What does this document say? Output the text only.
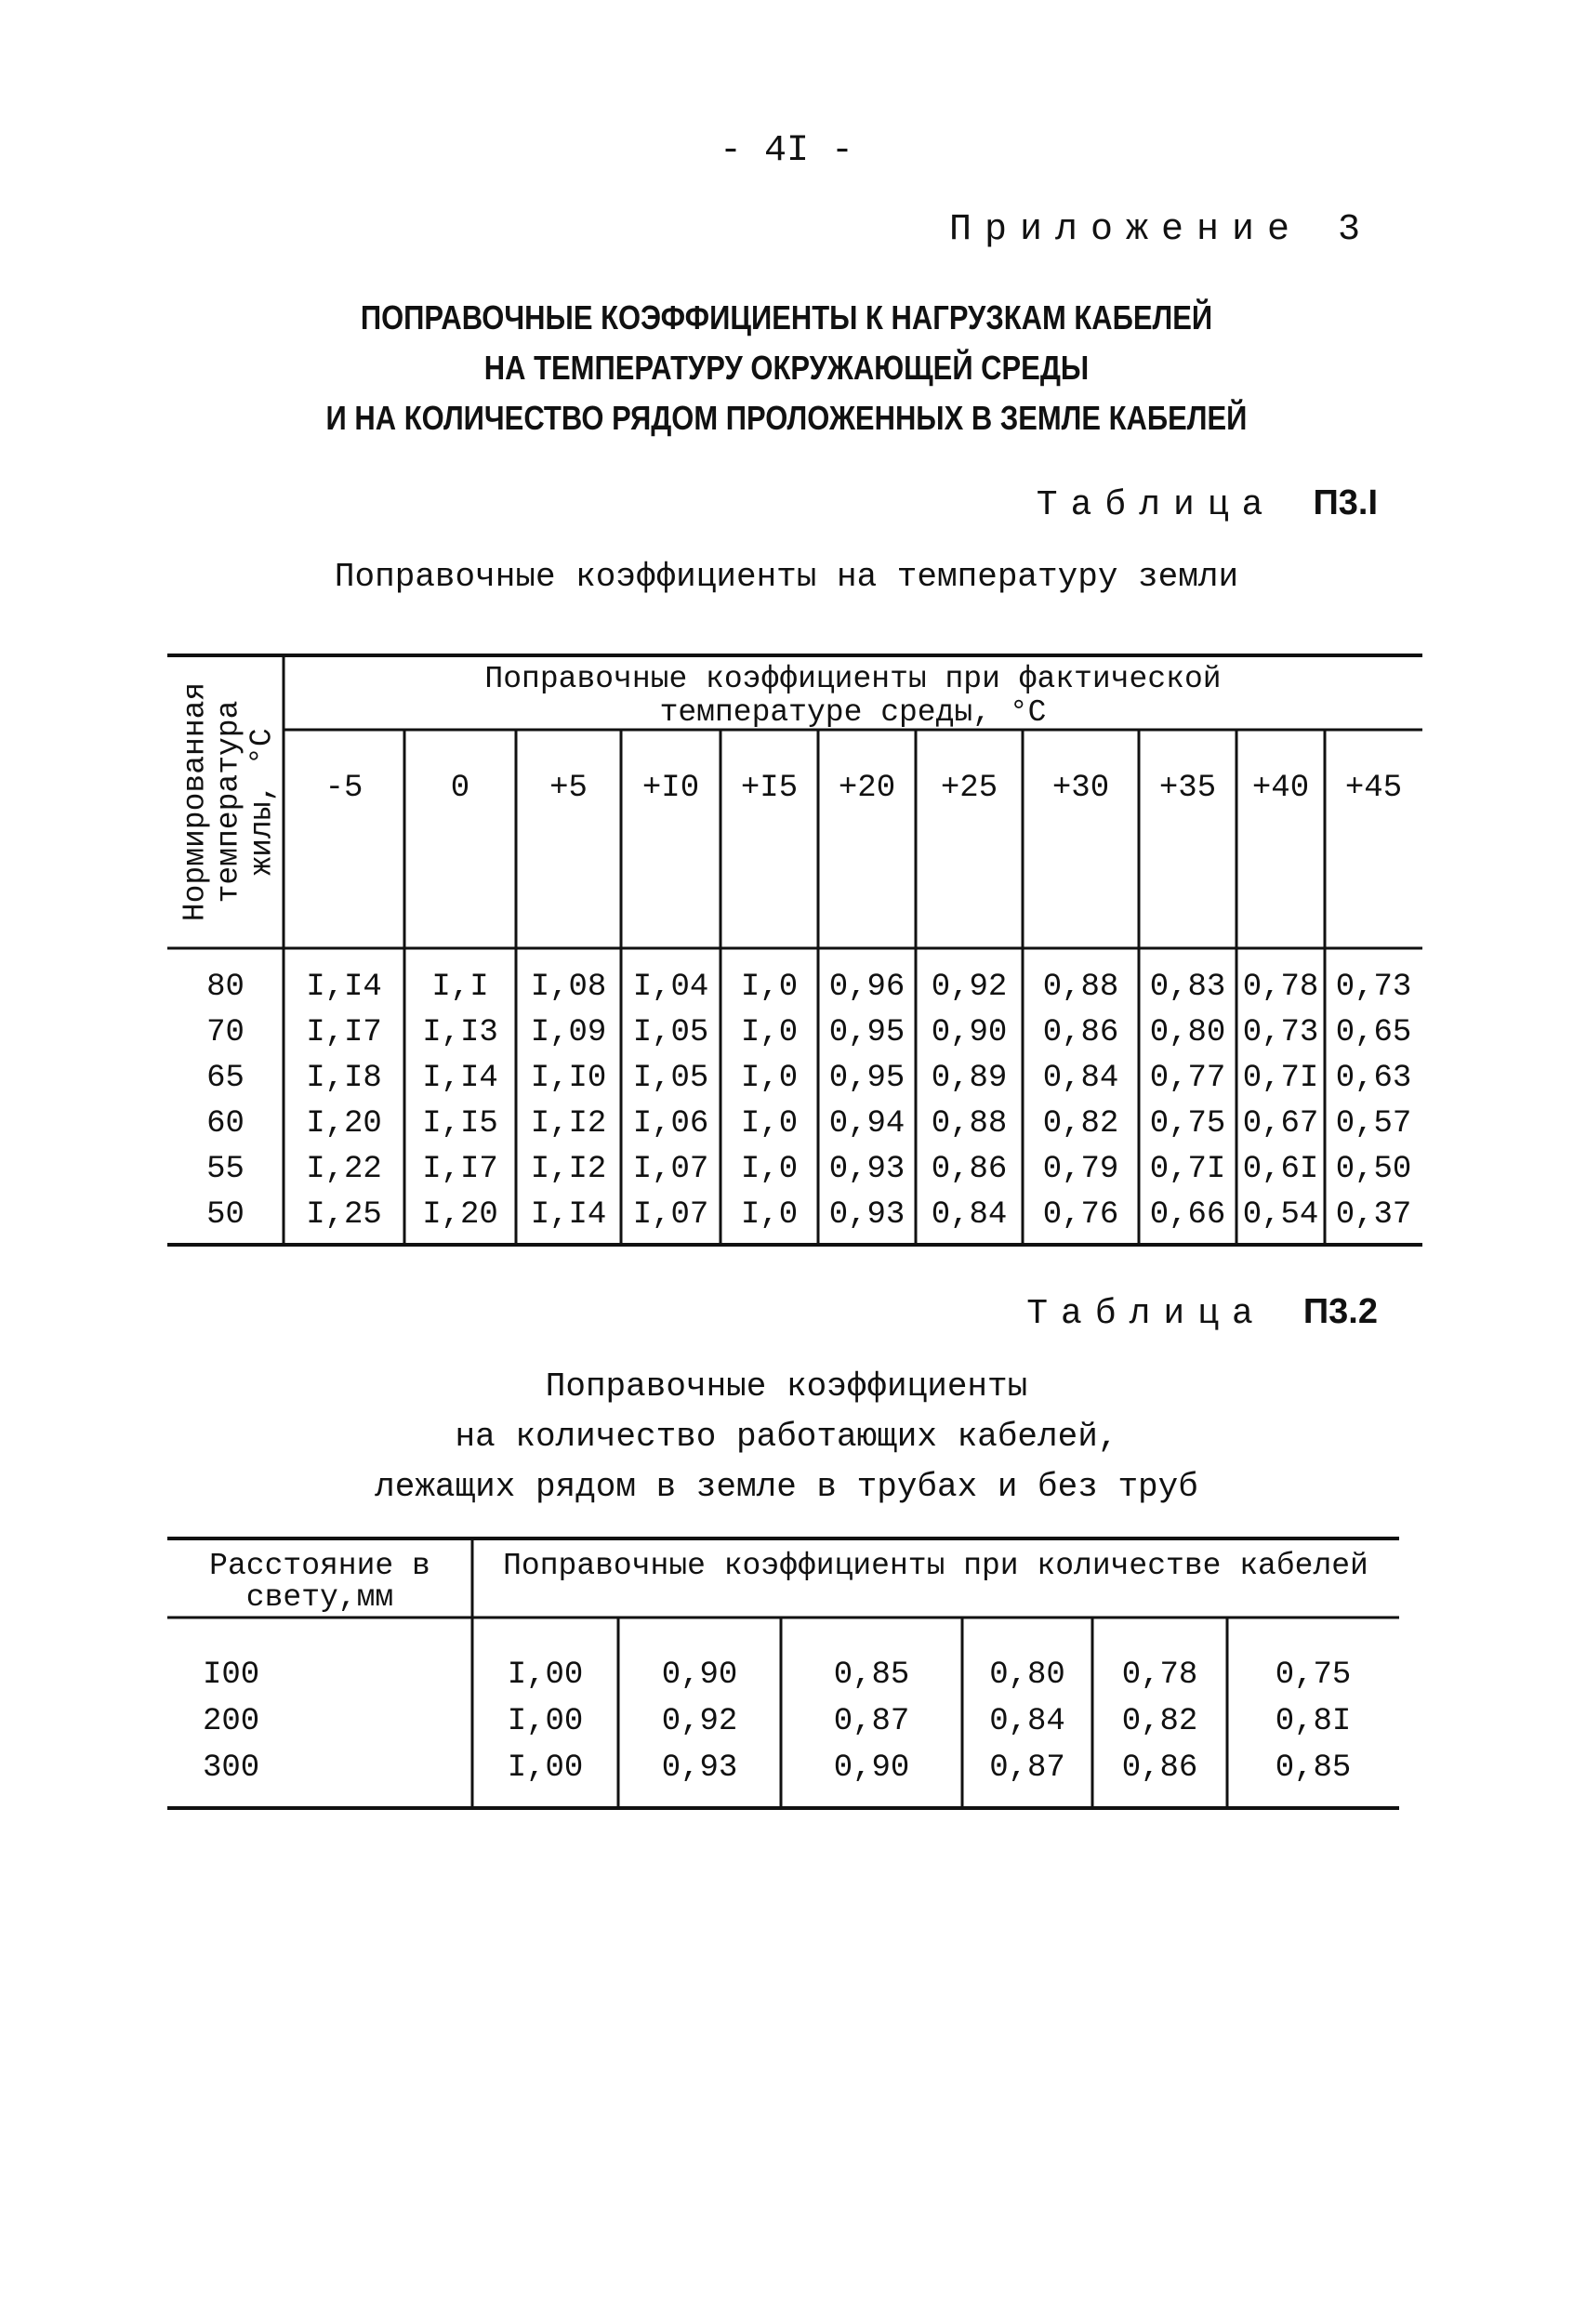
- 4I -
Приложение 3
ПОПРАВОЧНЫЕ КОЭФФИЦИЕНТЫ К НАГРУЗКАМ КАБЕЛЕЙ
НА ТЕМПЕРАТУРУ ОКРУЖАЮЩЕЙ СРЕДЫ
И НА КОЛИЧЕСТВО РЯДОМ ПРОЛОЖЕННЫХ В ЗЕМЛЕ КАБЕЛЕЙ
Таблица П3.I
Поправочные коэффициенты на температуру земли
Нормированная температура жилы, °С
Поправочные коэффициенты при фактической
температуре среды, °С
-5	0	+5 +I0 +I5 +20 +25 +30 +35 +40 +45
80 I,I4 I,I I,08 I,04 I,0 0,96 0,92 0,88 0,83 0,78 0,73
70 I,I7 I,I3 I,09 I,05 I,0 0,95 0,90 0,86 0,80 0,73 0,65
65 I,I8 I,I4 I,I0 I,05 I,0 0,95 0,89 0,84 0,77 0,7I 0,63
60 I,20 I,I5 I,I2 I,06 I,0 0,94 0,88 0,82 0,75 0,67 0,57
55 I,22 I,I7 I,I2 I,07 I,0 0,93 0,86 0,79 0,7I 0,6I 0,50
50 I,25 I,20 I,I4 I,07 I,0 0,93 0,84 0,76 0,66 0,54 0,37
Таблица П3.2
Поправочные коэффициенты
на количество работающих кабелей,
лежащих рядом в земле в трубах и без труб
Расстояние в
свету,мм
Поправочные коэффициенты при количестве кабелей
I00	I,00 0,90	0,85	0,80 0,78 0,75
200	I,00 0,92	0,87	0,84 0,82 0,8I
300	I,00 0,93	0,90	0,87 0,86 0,85
